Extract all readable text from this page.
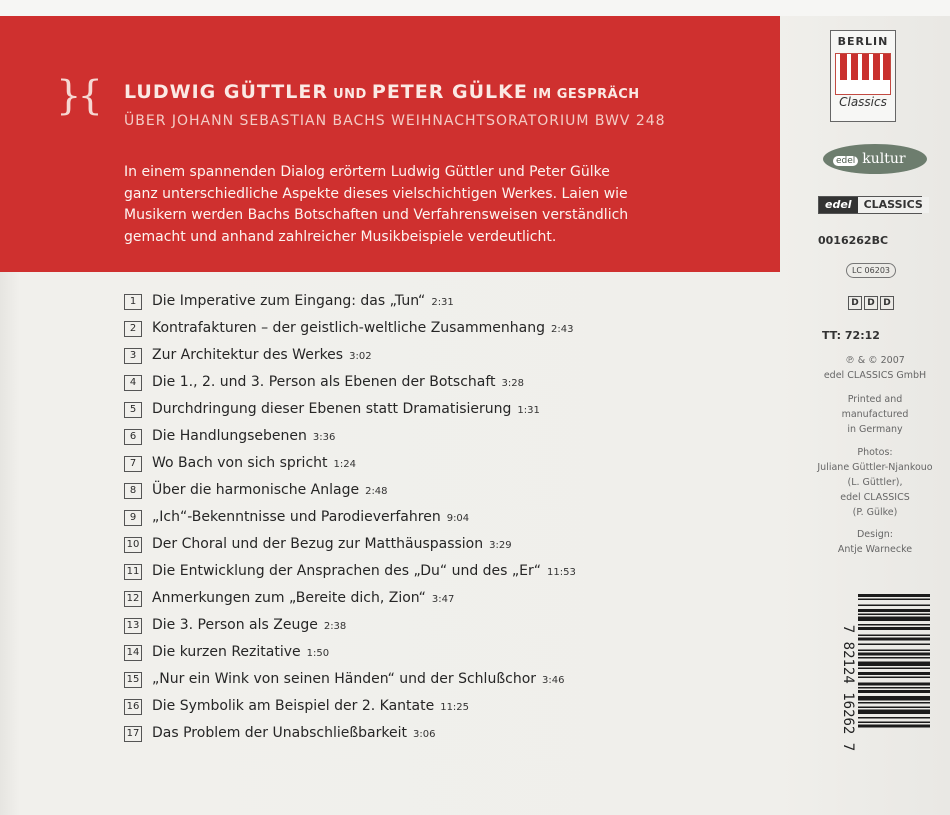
}{ LUDWIG GÜTTLER UND PETER GÜLKE IM GESPRÄCH
ÜBER JOHANN SEBASTIAN BACHS WEIHNACHTSORATORIUM BWV 248
In einem spannenden Dialog erörtern Ludwig Güttler und Peter Gülke
ganz unterschiedliche Aspekte dieses vielschichtigen Werkes. Laien wie
Musikern werden Bachs Botschaften und Verfahrensweisen verständlich
gemacht und anhand zahlreicher Musikbeispiele verdeutlicht.
1	Die Imperative zum Eingang: das „Tun“ 2:31
2	Kontrafakturen – der geistlich-weltliche Zusammenhang 2:43
3	Zur Architektur des Werkes 3:02
4	Die 1., 2. und 3. Person als Ebenen der Botschaft 3:28
5	Durchdringung dieser Ebenen statt Dramatisierung 1:31
6	Die Handlungsebenen 3:36
7	Wo Bach von sich spricht 1:24
8	Über die harmonische Anlage 2:48
9	„Ich“-Bekenntnisse und Parodieverfahren 9:04
10 Der Choral und der Bezug zur Matthäuspassion 3:29
11 Die Entwicklung der Ansprachen des „Du“ und des „Er“ 11:53
12 Anmerkungen zum „Bereite dich, Zion“ 3:47
13 Die 3. Person als Zeuge 2:38
14 Die kurzen Rezitative 1:50
15 „Nur ein Wink von seinen Händen“ und der Schlußchor 3:46
16 Die Symbolik am Beispiel der 2. Kantate 11:25
17 Das Problem der Unabschließbarkeit 3:06
BERLIN
Classics
edel kultur
edel	CLASSICS
0016262BC
LC 06203
D D D
TT: 72:12
℗ & © 2007
edel CLASSICS GmbH
Printed and
manufactured
in Germany
Photos:
Juliane Güttler-Njankouo
(L. Güttler),
edel CLASSICS
(P. Gülke)
Design:
Antje Warnecke
7 82124 16262 7
